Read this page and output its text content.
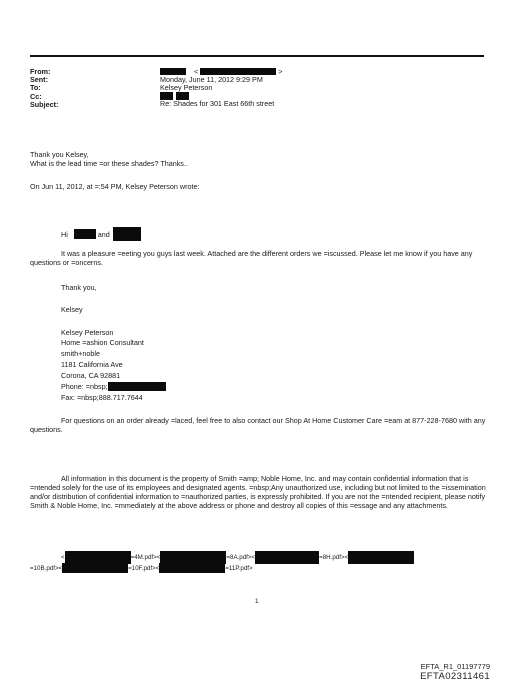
From:	<	>
Sent:	Monday, June 11, 2012 9:29 PM
To:	Kelsey Peterson
Cc:
Subject:	Re: Shades for 301 East 66th street
Thank you Kelsey,
What is the lead time =or these shades? Thanks..
On Jun 11, 2012, at =:54 PM, Kelsey Peterson wrote:
Hi	and
It was a pleasure =eeting you guys last week. Attached are the different orders we =iscussed. Please let me know if you have any questions or =oncerns.
Thank you,
Kelsey
Kelsey Peterson
Home =ashion Consultant
smith+noble
1181 California Ave
Corona, CA 92881
Phone: =nbsp;
Fax: =nbsp;888.717.7644
For questions on an order already =laced, feel free to also contact our Shop At Home Customer Care =eam at 877-228-7680 with any questions.
All information in this document is the property of Smith =amp; Noble Home, Inc. and may contain confidential information that is =ntended solely for the use of its employees and designated agents. =nbsp;Any unauthorized use, including but not limited to the =issemination and/or distribution of confidential information to =nauthorized parties, is expressly prohibited. If you are not the =ntended recipient, please notify Smith & Noble Home, Inc. =mmediately at the above address or phone and destroy all copies of this =essage and any attachments.
<	=4M.pdf><	=8A.pdf><	=8H.pdf><
=10B.pdf><	=10F.pdf><	=11P.pdf>
1
EFTA_R1_01197779
EFTA02311461
